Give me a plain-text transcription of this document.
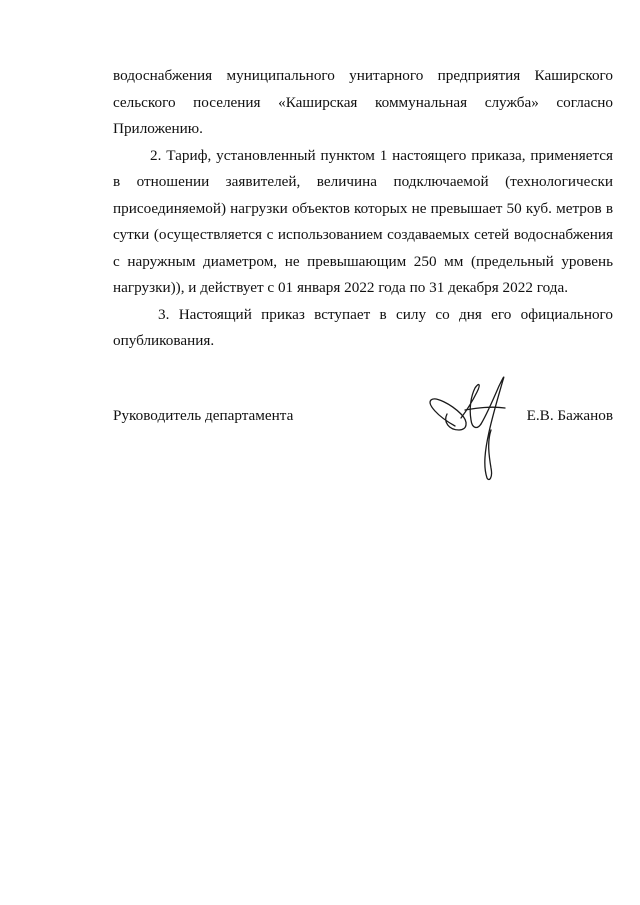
водоснабжения муниципального унитарного предприятия Каширского сельского поселения «Каширская коммунальная служба» согласно Приложению.

2. Тариф, установленный пунктом 1 настоящего приказа, применяется в отношении заявителей, величина подключаемой (технологически присоединяемой) нагрузки объектов которых не превышает 50 куб. метров в сутки (осуществляется с использованием создаваемых сетей водоснабжения с наружным диаметром, не превышающим 250 мм (предельный уровень нагрузки)), и действует с 01 января 2022 года по 31 декабря 2022 года.

3. Настоящий приказ вступает в силу со дня его официального опубликования.

Руководитель департамента	Е.В. Бажанов
